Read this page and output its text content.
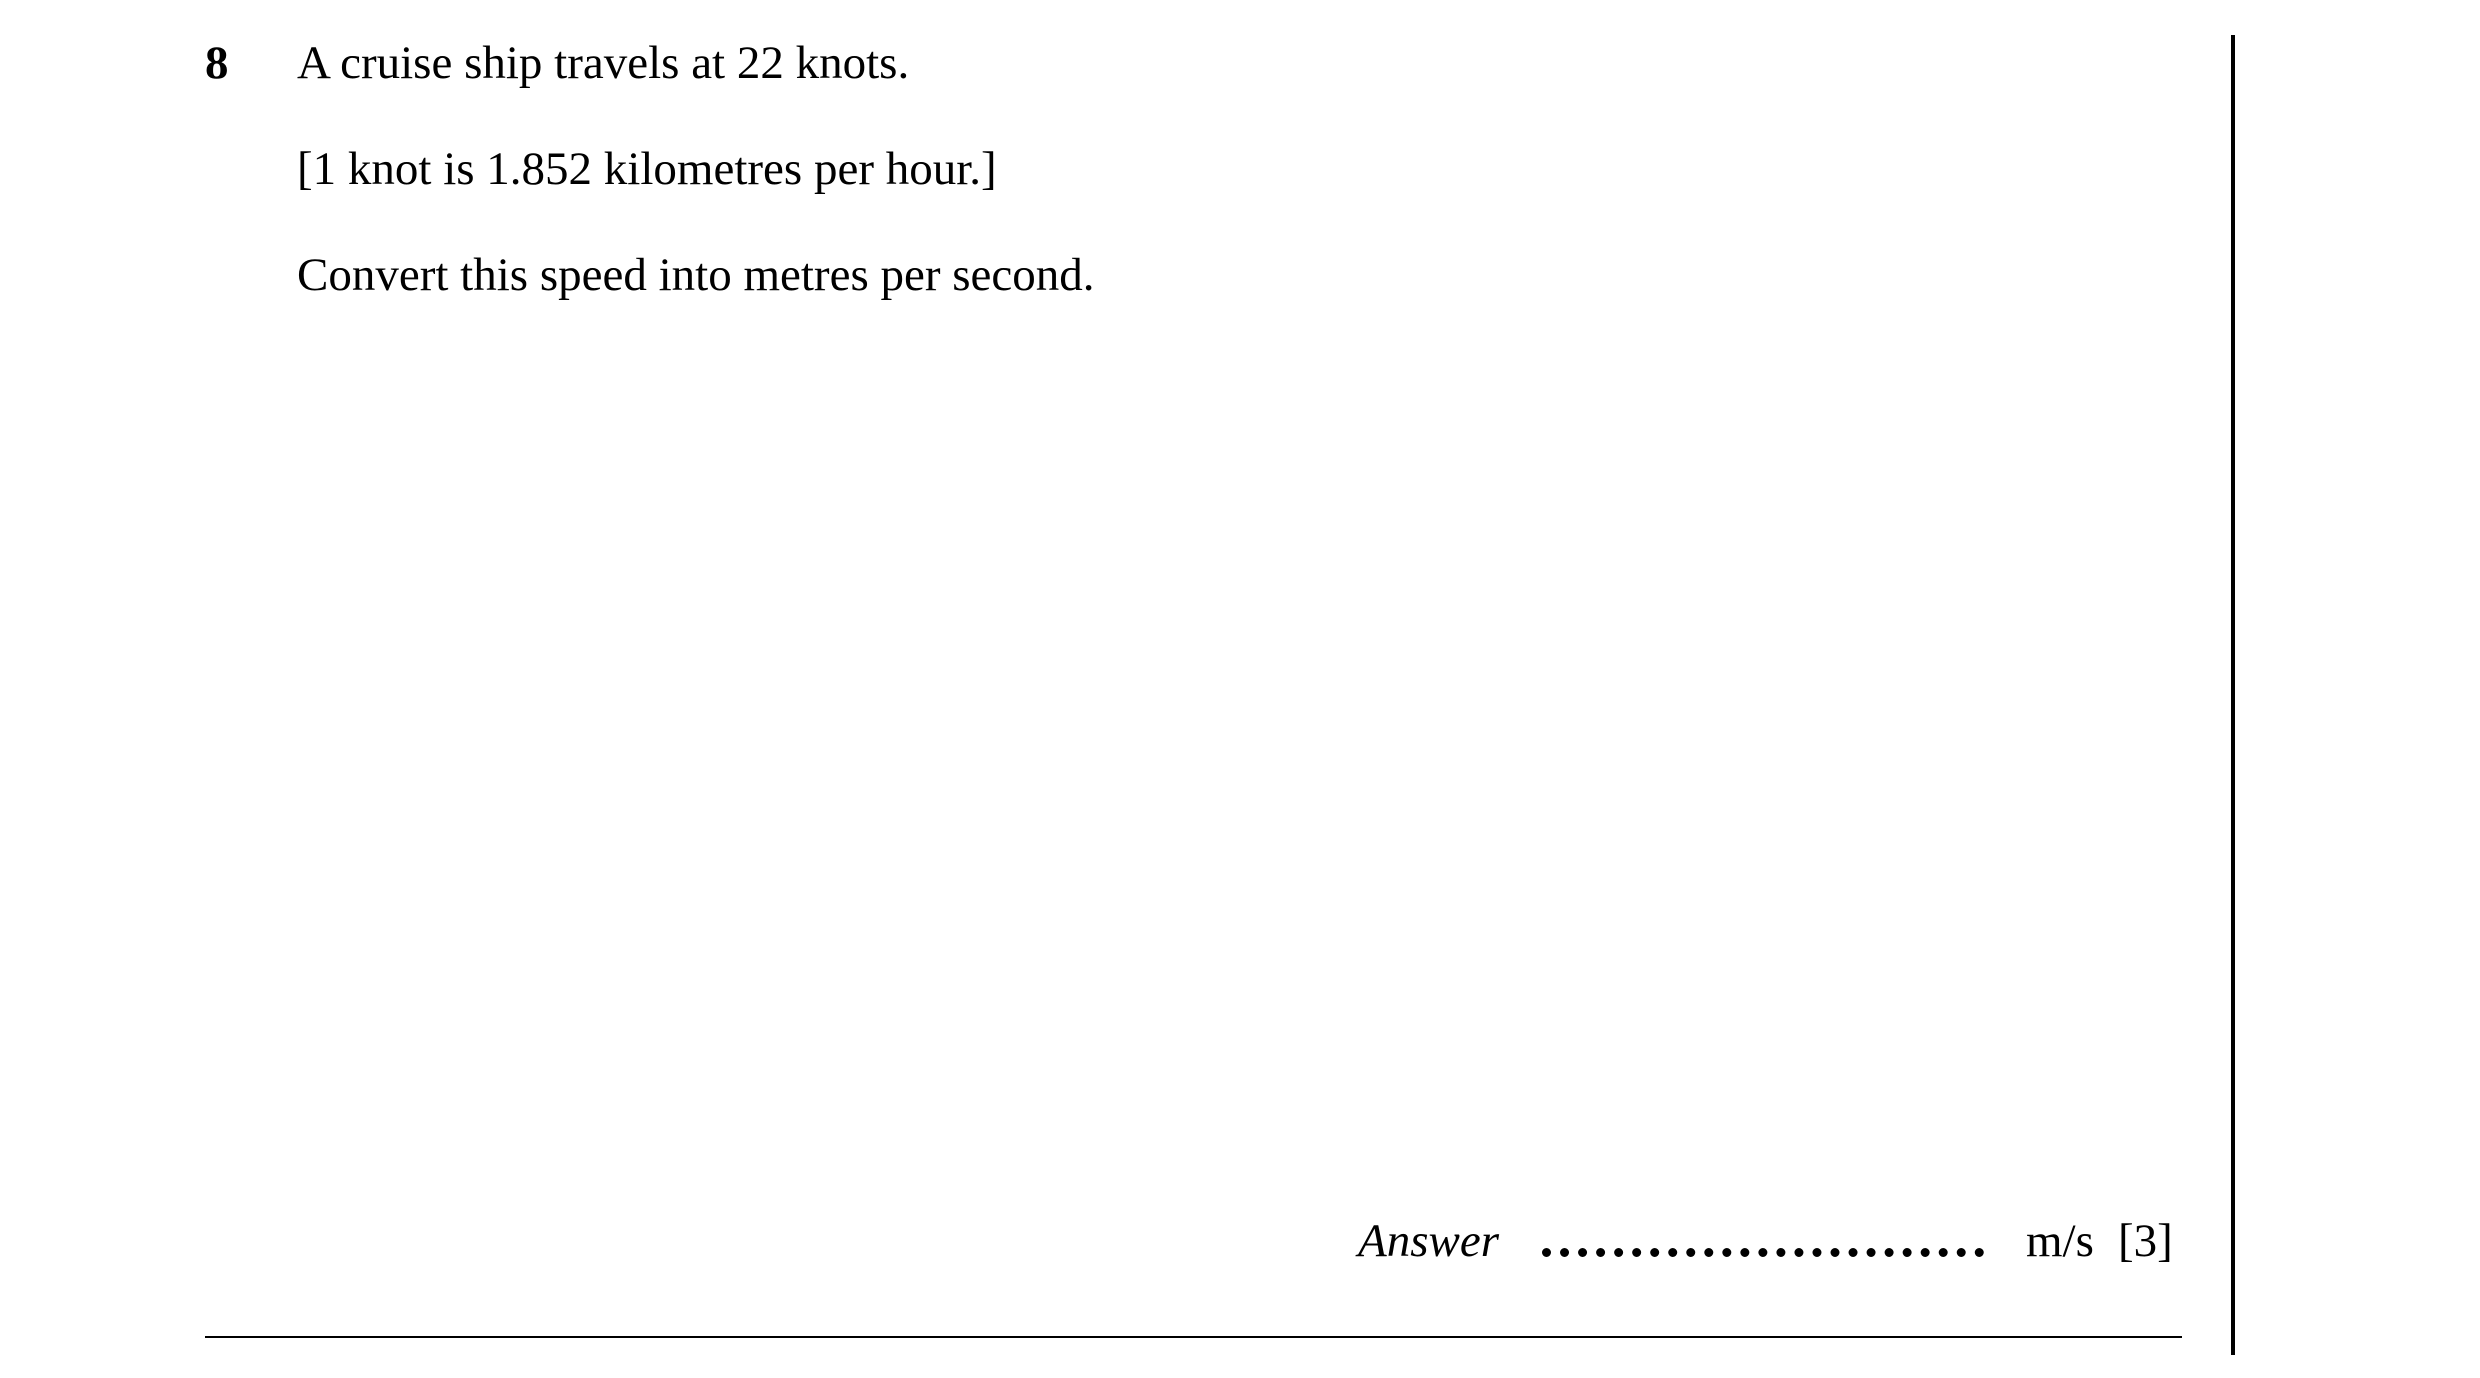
8 A cruise ship travels at 22 knots.
[1 knot is 1.852 kilometres per hour.]
Convert this speed into metres per second.
Answer	m/s [3]
